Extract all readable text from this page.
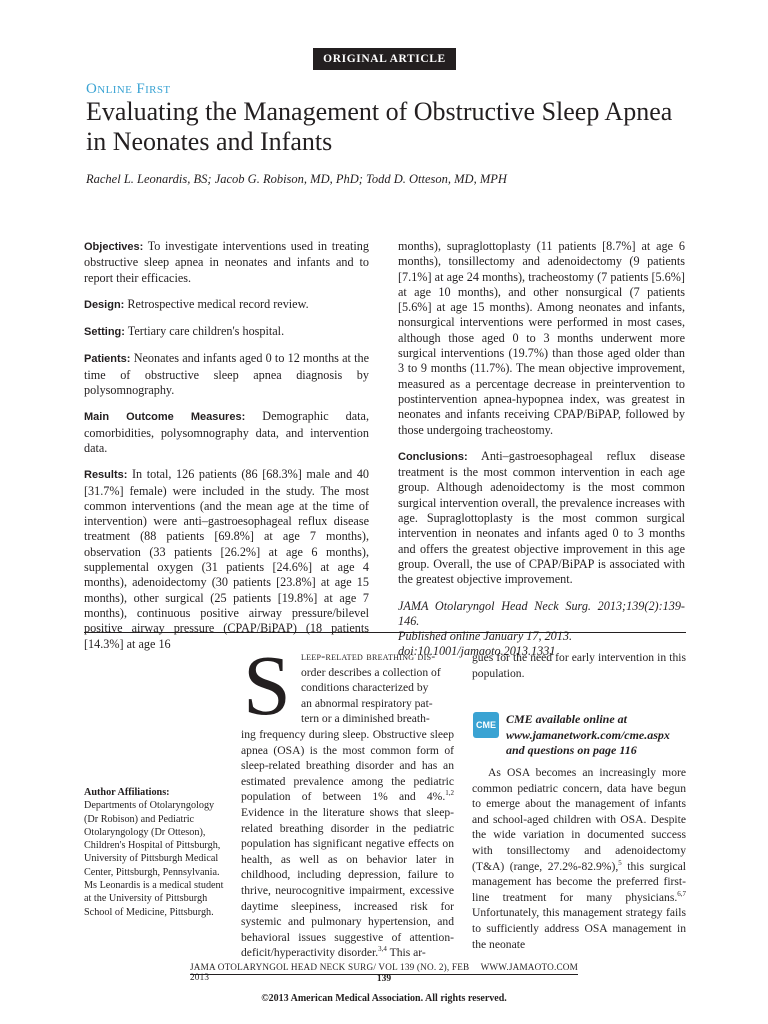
ORIGINAL ARTICLE
Online First
Evaluating the Management of Obstructive Sleep Apnea in Neonates and Infants
Rachel L. Leonardis, BS; Jacob G. Robison, MD, PhD; Todd D. Otteson, MD, MPH

Objectives: To investigate interventions used in treating obstructive sleep apnea in neonates and infants and to report their efficacies.

Design: Retrospective medical record review.

Setting: Tertiary care children's hospital.

Patients: Neonates and infants aged 0 to 12 months at the time of obstructive sleep apnea diagnosis by polysomnography.

Main Outcome Measures: Demographic data, comorbidities, polysomnography data, and intervention data.

Results: In total, 126 patients (86 [68.3%] male and 40 [31.7%] female) were included in the study. The most common interventions (and the mean age at the time of intervention) were anti–gastroesophageal reflux disease treatment (88 patients [69.8%] at age 7 months), observation (33 patients [26.2%] at age 6 months), supplemental oxygen (31 patients [24.6%] at age 4 months), adenoidectomy (30 patients [23.8%] at age 15 months), other surgical (25 patients [19.8%] at age 7 months), continuous positive airway pressure/bilevel positive airway pressure (CPAP/BiPAP) (18 patients [14.3%] at age 16

months), supraglottoplasty (11 patients [8.7%] at age 6 months), tonsillectomy and adenoidectomy (9 patients [7.1%] at age 24 months), tracheostomy (7 patients [5.6%] at age 10 months), and other nonsurgical (7 patients [5.6%] at age 15 months). Among neonates and infants, nonsurgical interventions were performed in most cases, although those aged 0 to 3 months underwent more surgical interventions (19.7%) than those aged older than 3 to 9 months (11.7%). The mean objective improvement, measured as a percentage decrease in preintervention to postintervention apnea-hypopnea index, was greatest in neonates and infants receiving CPAP/BiPAP, followed by those undergoing tracheostomy.

Conclusions: Anti–gastroesophageal reflux disease treatment is the most common intervention in each age group. Although adenoidectomy is the most common surgical intervention overall, the prevalence increases with age. Supraglottoplasty is the most common surgical intervention in neonates and infants aged 0 to 3 months and offers the greatest objective improvement in this age group. Overall, the use of CPAP/BiPAP is associated with the greatest objective improvement.

JAMA Otolaryngol Head Neck Surg. 2013;139(2):139-146.
Published online January 17, 2013.
doi:10.1001/jamaoto.2013.1331

S leep-related breathing dis-
order describes a collection of
conditions characterized by
an abnormal respiratory pat-
tern or a diminished breath-
ing frequency during sleep. Obstructive sleep apnea (OSA) is the most common form of sleep-related breathing disorder and has an estimated prevalence among the pediatric population of between 1% and 4%.$^{1,2}$ Evidence in the literature shows that sleep-related breathing disorder in the pediatric population has significant negative effects on health, as well as on behavior later in childhood, including depression, failure to thrive, neurocognitive impairment, excessive daytime sleepiness, increased risk for systemic and pulmonary hypertension, and behavioral issues suggestive of attention-deficit/hyperactivity disorder.$^{3,4}$ This ar-

gues for the need for early intervention in this population.

CME CME available online at www.jamanetwork.com/cme.aspx and questions on page 116

As OSA becomes an increasingly more common pediatric concern, data have begun to emerge about the management of infants and school-aged children with OSA. Despite the wide variation in documented success with tonsillectomy and adenoidectomy (T&A) (range, 27.2%-82.9%),$^5$ this surgical management has become the preferred first-line treatment for many physicians.$^{6,7}$ Unfortunately, this management strategy fails to sufficiently address OSA management in the neonate

Author Affiliations:
Departments of Otolaryngology (Dr Robison) and Pediatric Otolaryngology (Dr Otteson), Children's Hospital of Pittsburgh, University of Pittsburgh Medical Center, Pittsburgh, Pennsylvania. Ms Leonardis is a medical student at the University of Pittsburgh School of Medicine, Pittsburgh.
JAMA OTOLARYNGOL HEAD NECK SURG/ VOL 139 (NO. 2), FEB 2013
WWW.JAMAOTO.COM
139
©2013 American Medical Association. All rights reserved.
